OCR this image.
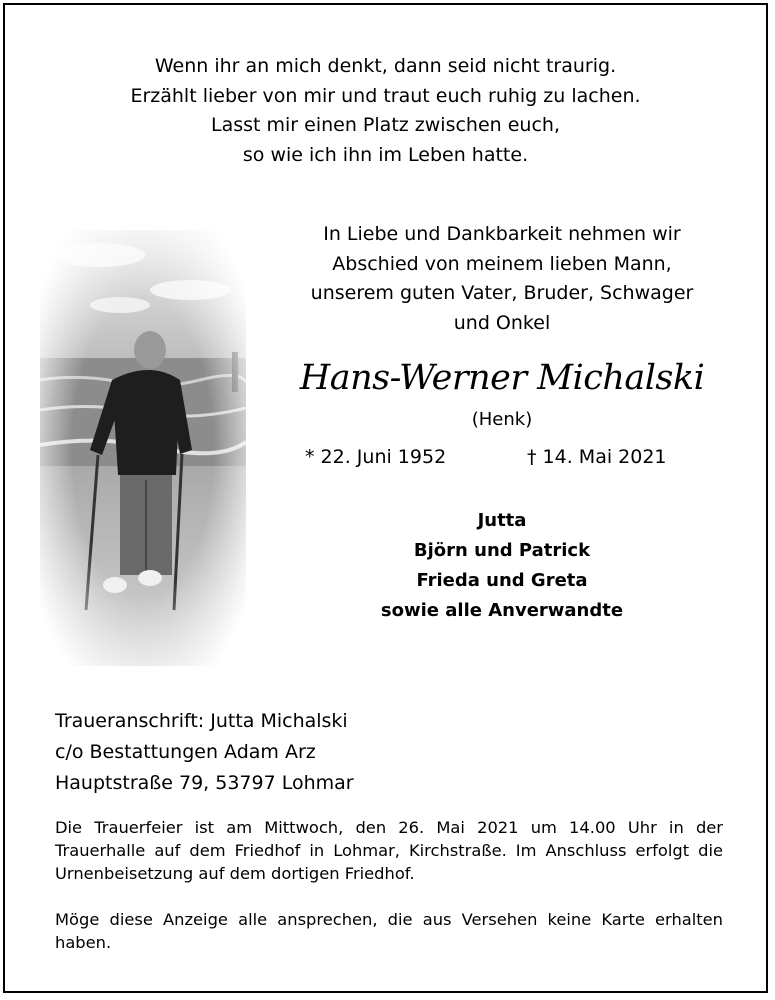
Wenn ihr an mich denkt, dann seid nicht traurig.
Erzählt lieber von mir und traut euch ruhig zu lachen.
Lasst mir einen Platz zwischen euch,
so wie ich ihn im Leben hatte.
In Liebe und Dankbarkeit nehmen wir
Abschied von meinem lieben Mann,
unserem guten Vater, Bruder, Schwager
und Onkel
Hans-Werner Michalski
(Henk)
* 22. Juni 1952	† 14. Mai 2021
Jutta
Björn und Patrick
Frieda und Greta
sowie alle Anverwandte
Traueranschrift: Jutta Michalski
c/o Bestattungen Adam Arz
Hauptstraße 79, 53797 Lohmar
Die Trauerfeier ist am Mittwoch, den 26. Mai 2021 um 14.00 Uhr in der Trauerhalle auf dem Friedhof in Lohmar, Kirchstraße. Im Anschluss erfolgt die Urnenbeisetzung auf dem dortigen Friedhof.
Möge diese Anzeige alle ansprechen, die aus Versehen keine Karte erhalten haben.
